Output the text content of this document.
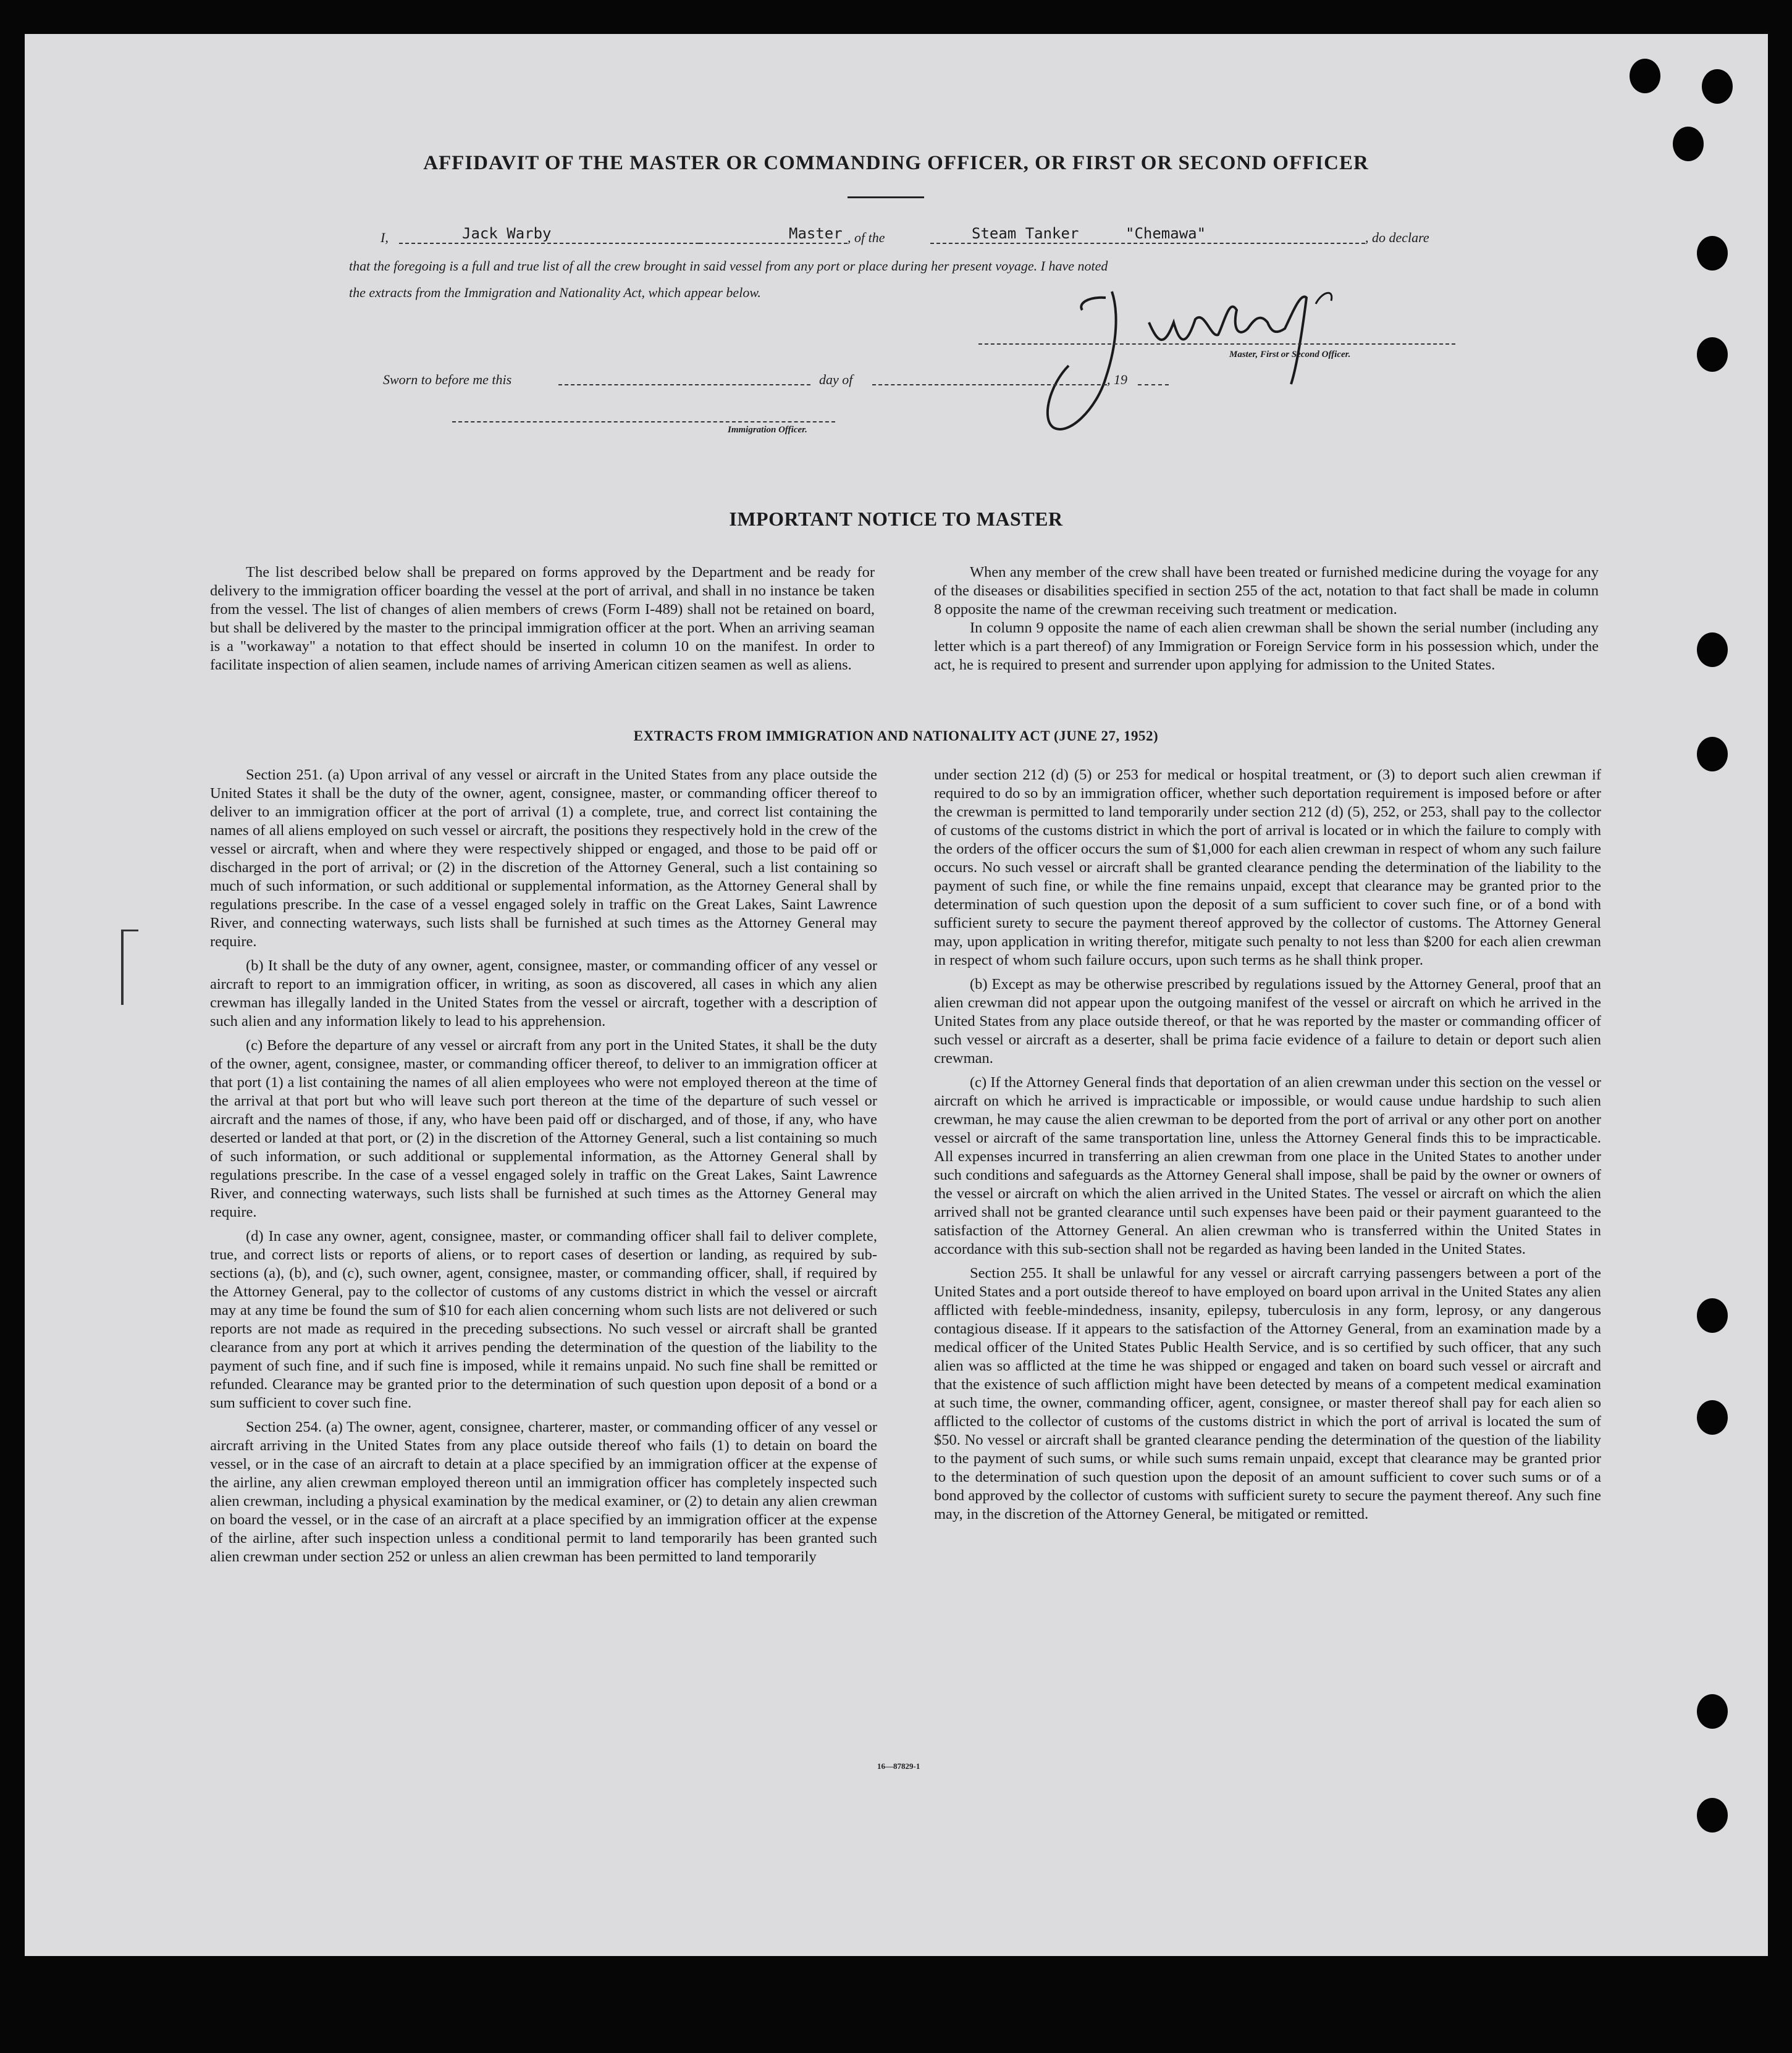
AFFIDAVIT OF THE MASTER OR COMMANDING OFFICER, OR FIRST OR SECOND OFFICER
I,	Jack Warby	Master , of the	Steam Tanker	"Chemawa"	, do declare
that the foregoing is a full and true list of all the crew brought in said vessel from any port or place during her present voyage. I have noted
the extracts from the Immigration and Nationality Act, which appear below.
Master, First or Second Officer.
Sworn to before me this	day of	, 19
Immigration Officer.
IMPORTANT NOTICE TO MASTER

The list described below shall be prepared on forms approved by the Department and be ready for delivery to the immigration officer boarding the vessel at the port of arrival, and shall in no instance be taken from the vessel. The list of changes of alien members of crews (Form I-489) shall not be retained on board, but shall be delivered by the master to the principal immigration officer at the port. When an arriving seaman is a "workaway" a notation to that effect should be inserted in column 10 on the manifest. In order to facilitate inspection of alien seamen, include names of arriving American citizen seamen as well as aliens.

When any member of the crew shall have been treated or furnished medicine during the voyage for any of the diseases or disabilities specified in section 255 of the act, notation to that fact shall be made in column 8 opposite the name of the crewman receiving such treatment or medication.

In column 9 opposite the name of each alien crewman shall be shown the serial number (including any letter which is a part thereof) of any Immigration or Foreign Service form in his possession which, under the act, he is required to present and surrender upon applying for admission to the United States.

EXTRACTS FROM IMMIGRATION AND NATIONALITY ACT (JUNE 27, 1952)

Section 251. (a) Upon arrival of any vessel or aircraft in the United States from any place outside the United States it shall be the duty of the owner, agent, consignee, master, or commanding officer thereof to deliver to an immigration officer at the port of arrival (1) a complete, true, and correct list containing the names of all aliens employed on such vessel or aircraft, the positions they respectively hold in the crew of the vessel or aircraft, when and where they were respectively shipped or engaged, and those to be paid off or discharged in the port of arrival; or (2) in the discretion of the Attorney General, such a list containing so much of such information, or such additional or supplemental information, as the Attorney General shall by regulations prescribe. In the case of a vessel engaged solely in traffic on the Great Lakes, Saint Lawrence River, and connecting waterways, such lists shall be furnished at such times as the Attorney General may require.

(b) It shall be the duty of any owner, agent, consignee, master, or commanding officer of any vessel or aircraft to report to an immigration officer, in writing, as soon as discovered, all cases in which any alien crewman has illegally landed in the United States from the vessel or aircraft, together with a description of such alien and any information likely to lead to his apprehension.

(c) Before the departure of any vessel or aircraft from any port in the United States, it shall be the duty of the owner, agent, consignee, master, or commanding officer thereof, to deliver to an immigration officer at that port (1) a list containing the names of all alien employees who were not employed thereon at the time of the arrival at that port but who will leave such port thereon at the time of the departure of such vessel or aircraft and the names of those, if any, who have been paid off or discharged, and of those, if any, who have deserted or landed at that port, or (2) in the discretion of the Attorney General, such a list containing so much of such information, or such additional or supplemental information, as the Attorney General shall by regulations prescribe. In the case of a vessel engaged solely in traffic on the Great Lakes, Saint Lawrence River, and connecting waterways, such lists shall be furnished at such times as the Attorney General may require.

(d) In case any owner, agent, consignee, master, or commanding officer shall fail to deliver complete, true, and correct lists or reports of aliens, or to report cases of desertion or landing, as required by sub-sections (a), (b), and (c), such owner, agent, consignee, master, or commanding officer, shall, if required by the Attorney General, pay to the collector of customs of any customs district in which the vessel or aircraft may at any time be found the sum of $10 for each alien concerning whom such lists are not delivered or such reports are not made as required in the preceding subsections. No such vessel or aircraft shall be granted clearance from any port at which it arrives pending the determination of the question of the liability to the payment of such fine, and if such fine is imposed, while it remains unpaid. No such fine shall be remitted or refunded. Clearance may be granted prior to the determination of such question upon deposit of a bond or a sum sufficient to cover such fine.

Section 254. (a) The owner, agent, consignee, charterer, master, or commanding officer of any vessel or aircraft arriving in the United States from any place outside thereof who fails (1) to detain on board the vessel, or in the case of an aircraft to detain at a place specified by an immigration officer at the expense of the airline, any alien crewman employed thereon until an immigration officer has completely inspected such alien crewman, including a physical examination by the medical examiner, or (2) to detain any alien crewman on board the vessel, or in the case of an aircraft at a place specified by an immigration officer at the expense of the airline, after such inspection unless a conditional permit to land temporarily has been granted such alien crewman under section 252 or unless an alien crewman has been permitted to land temporarily

under section 212 (d) (5) or 253 for medical or hospital treatment, or (3) to deport such alien crewman if required to do so by an immigration officer, whether such deportation requirement is imposed before or after the crewman is permitted to land temporarily under section 212 (d) (5), 252, or 253, shall pay to the collector of customs of the customs district in which the port of arrival is located or in which the failure to comply with the orders of the officer occurs the sum of $1,000 for each alien crewman in respect of whom any such failure occurs. No such vessel or aircraft shall be granted clearance pending the determination of the liability to the payment of such fine, or while the fine remains unpaid, except that clearance may be granted prior to the determination of such question upon the deposit of a sum sufficient to cover such fine, or of a bond with sufficient surety to secure the payment thereof approved by the collector of customs. The Attorney General may, upon application in writing therefor, mitigate such penalty to not less than $200 for each alien crewman in respect of whom such failure occurs, upon such terms as he shall think proper.

(b) Except as may be otherwise prescribed by regulations issued by the Attorney General, proof that an alien crewman did not appear upon the outgoing manifest of the vessel or aircraft on which he arrived in the United States from any place outside thereof, or that he was reported by the master or commanding officer of such vessel or aircraft as a deserter, shall be prima facie evidence of a failure to detain or deport such alien crewman.

(c) If the Attorney General finds that deportation of an alien crewman under this section on the vessel or aircraft on which he arrived is impracticable or impossible, or would cause undue hardship to such alien crewman, he may cause the alien crewman to be deported from the port of arrival or any other port on another vessel or aircraft of the same transportation line, unless the Attorney General finds this to be impracticable. All expenses incurred in transferring an alien crewman from one place in the United States to another under such conditions and safeguards as the Attorney General shall impose, shall be paid by the owner or owners of the vessel or aircraft on which the alien arrived in the United States. The vessel or aircraft on which the alien arrived shall not be granted clearance until such expenses have been paid or their payment guaranteed to the satisfaction of the Attorney General. An alien crewman who is transferred within the United States in accordance with this sub-section shall not be regarded as having been landed in the United States.

Section 255. It shall be unlawful for any vessel or aircraft carrying passengers between a port of the United States and a port outside thereof to have employed on board upon arrival in the United States any alien afflicted with feeble-mindedness, insanity, epilepsy, tuberculosis in any form, leprosy, or any dangerous contagious disease. If it appears to the satisfaction of the Attorney General, from an examination made by a medical officer of the United States Public Health Service, and is so certified by such officer, that any such alien was so afflicted at the time he was shipped or engaged and taken on board such vessel or aircraft and that the existence of such affliction might have been detected by means of a competent medical examination at such time, the owner, commanding officer, agent, consignee, or master thereof shall pay for each alien so afflicted to the collector of customs of the customs district in which the port of arrival is located the sum of $50. No vessel or aircraft shall be granted clearance pending the determination of the question of the liability to the payment of such sums, or while such sums remain unpaid, except that clearance may be granted prior to the determination of such question upon the deposit of an amount sufficient to cover such sums or of a bond approved by the collector of customs with sufficient surety to secure the payment thereof. Any such fine may, in the discretion of the Attorney General, be mitigated or remitted.

16—87829-1
